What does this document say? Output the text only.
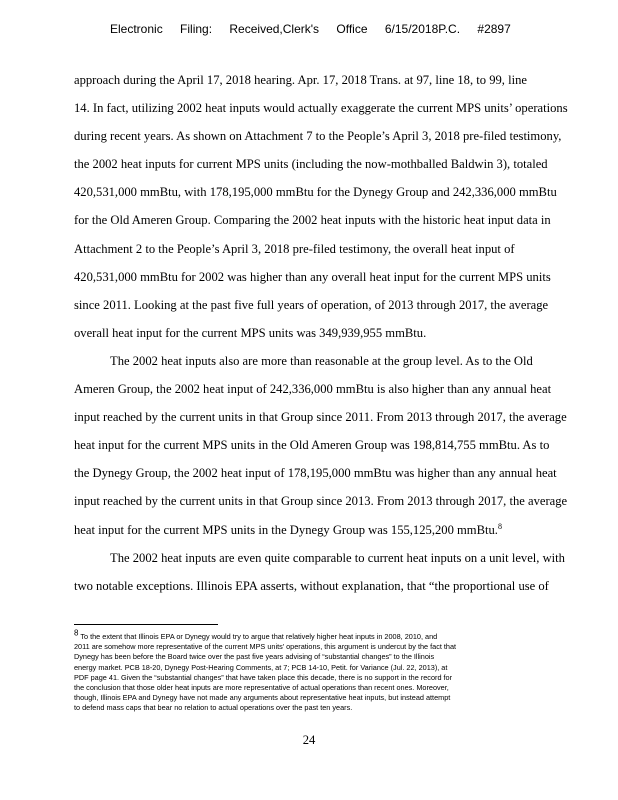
Electronic Filing: Received,Clerk's Office 6/15/2018P.C. #2897

approach during the April 17, 2018 hearing. Apr. 17, 2018 Trans. at 97, line 18, to 99, line
14. In fact, utilizing 2002 heat inputs would actually exaggerate the current MPS units’ operations
during recent years. As shown on Attachment 7 to the People’s April 3, 2018 pre-filed testimony,
the 2002 heat inputs for current MPS units (including the now-mothballed Baldwin 3), totaled
420,531,000 mmBtu, with 178,195,000 mmBtu for the Dynegy Group and 242,336,000 mmBtu
for the Old Ameren Group. Comparing the 2002 heat inputs with the historic heat input data in
Attachment 2 to the People’s April 3, 2018 pre-filed testimony, the overall heat input of
420,531,000 mmBtu for 2002 was higher than any overall heat input for the current MPS units
since 2011. Looking at the past five full years of operation, of 2013 through 2017, the average
overall heat input for the current MPS units was 349,939,955 mmBtu.

The 2002 heat inputs also are more than reasonable at the group level. As to the Old
Ameren Group, the 2002 heat input of 242,336,000 mmBtu is also higher than any annual heat
input reached by the current units in that Group since 2011. From 2013 through 2017, the average
heat input for the current MPS units in the Old Ameren Group was 198,814,755 mmBtu. As to
the Dynegy Group, the 2002 heat input of 178,195,000 mmBtu was higher than any annual heat
input reached by the current units in that Group since 2013. From 2013 through 2017, the average
heat input for the current MPS units in the Dynegy Group was 155,125,200 mmBtu.$^8$

The 2002 heat inputs are even quite comparable to current heat inputs on a unit level, with
two notable exceptions. Illinois EPA asserts, without explanation, that “the proportional use of

8 To the extent that Illinois EPA or Dynegy would try to argue that relatively higher heat inputs in 2008, 2010, and
2011 are somehow more representative of the current MPS units’ operations, this argument is undercut by the fact that
Dynegy has been before the Board twice over the past five years advising of “substantial changes” to the Illinois
energy market. PCB 18-20, Dynegy Post-Hearing Comments, at 7; PCB 14-10, Petit. for Variance (Jul. 22, 2013), at
PDF page 41. Given the “substantial changes” that have taken place this decade, there is no support in the record for
the conclusion that those older heat inputs are more representative of actual operations than recent ones. Moreover,
though, Illinois EPA and Dynegy have not made any arguments about representative heat inputs, but instead attempt
to defend mass caps that bear no relation to actual operations over the past ten years.
24
